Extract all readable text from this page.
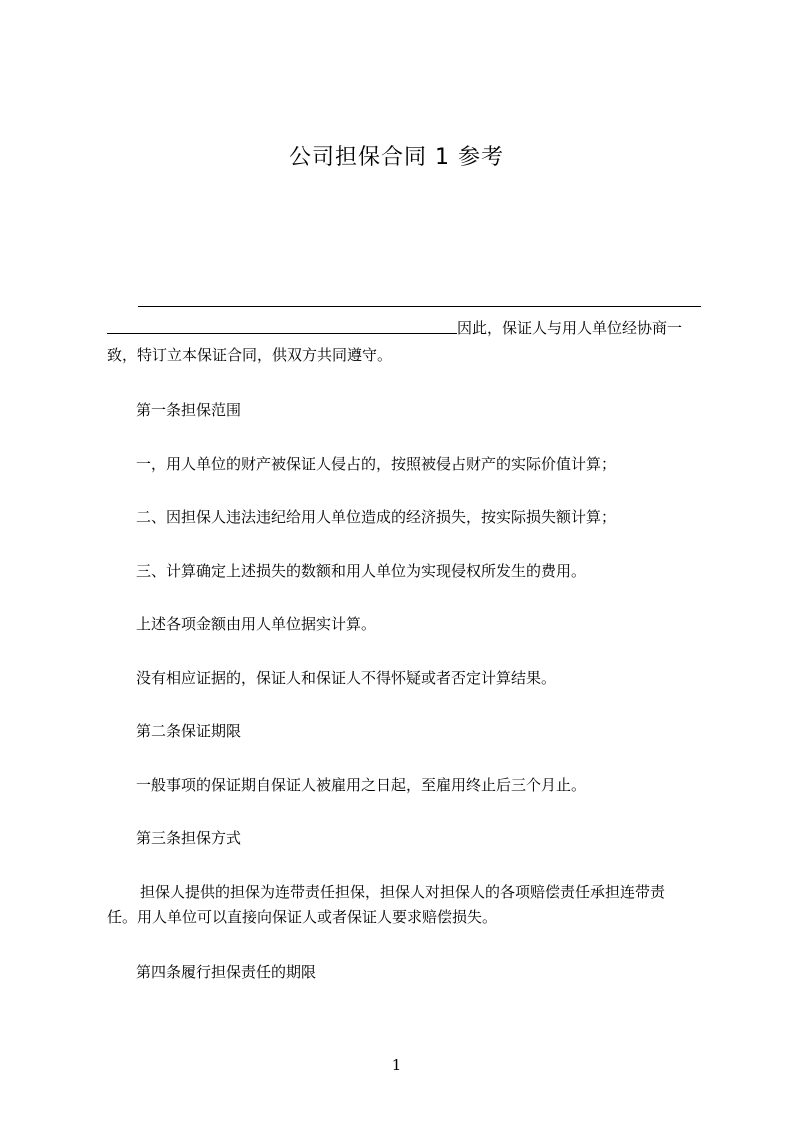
公司担保合同 1 参考
因此，保证人与用人单位经协商一
致，特订立本保证合同，供双方共同遵守。
第一条担保范围
一，用人单位的财产被保证人侵占的，按照被侵占财产的实际价值计算；
二、因担保人违法违纪给用人单位造成的经济损失，按实际损失额计算；
三、计算确定上述损失的数额和用人单位为实现侵权所发生的费用。
上述各项金额由用人单位据实计算。
没有相应证据的，保证人和保证人不得怀疑或者否定计算结果。
第二条保证期限
一般事项的保证期自保证人被雇用之日起，至雇用终止后三个月止。
第三条担保方式
担保人提供的担保为连带责任担保，担保人对担保人的各项赔偿责任承担连带责
任。用人单位可以直接向保证人或者保证人要求赔偿损失。
第四条履行担保责任的期限
1
